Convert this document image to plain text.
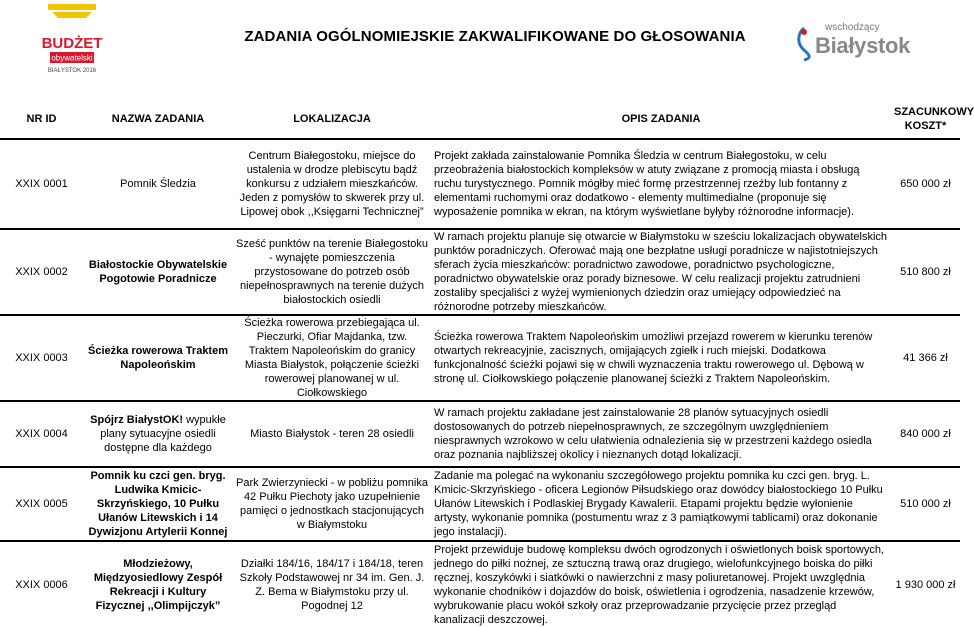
BUDŻET
obywatelski
BIAŁYSTOK 2016
ZADANIA OGÓLNOMIEJSKIE ZAKWALIFIKOWANE DO GŁOSOWANIA
wschodzący
Białystok
NR ID	NAZWA ZADANIA	LOKALIZACJA	OPIS ZADANIA	SZACUNKOWY
KOSZT*
XXIX 0001	Pomnik Śledzia	Centrum Białegostoku, miejsce do ustalenia w drodze plebiscytu bądź konkursu z udziałem mieszkańców. Jeden z pomysłów to skwerek przy ul. Lipowej obok ,,Księgarni Technicznej”	Projekt zakłada zainstalowanie Pomnika Śledzia w centrum Białegostoku, w celu przeobrażenia białostockich kompleksów w atuty związane z promocją miasta i obsługą ruchu turystycznego. Pomnik mógłby mieć formę przestrzennej rzeźby lub fontanny z elementami ruchomymi oraz dodatkowo - elementy multimedialne (proponuje się wyposażenie pomnika w ekran, na którym wyświetlane byłyby różnorodne informacje).	650 000 zł
XXIX 0002	Białostockie Obywatelskie Pogotowie Poradnicze	Sześć punktów na terenie Białegostoku - wynajęte pomieszczenia przystosowane do potrzeb osób niepełnosprawnych na terenie dużych białostockich osiedli	W ramach projektu planuje się otwarcie w Białymstoku w sześciu lokalizacjach obywatelskich punktów poradniczych. Oferować mają one bezpłatne usługi poradnicze w najistotniejszych sferach życia mieszkańców: poradnictwo zawodowe, poradnictwo psychologiczne, poradnictwo obywatelskie oraz porady biznesowe. W celu realizacji projektu zatrudnieni zostaliby specjaliści z wyżej wymienionych dziedzin oraz umiejący odpowiedzieć na różnorodne potrzeby mieszkańców.	510 800 zł
XXIX 0003	Ścieżka rowerowa Traktem Napoleońskim	Ścieżka rowerowa przebiegająca ul. Pieczurki, Ofiar Majdanka, tzw. Traktem Napoleońskim do granicy Miasta Białystok, połączenie ścieżki rowerowej planowanej w ul. Ciołkowskiego	Ścieżka rowerowa Traktem Napoleońskim umożliwi przejazd rowerem w kierunku terenów otwartych rekreacyjnie, zacisznych, omijających zgiełk i ruch miejski. Dodatkowa funkcjonalność ścieżki pojawi się w chwili wyznaczenia traktu rowerowego ul. Dębową w stronę ul. Ciołkowskiego połączenie planowanej ścieżki z Traktem Napoleońskim.	41 366 zł
XXIX 0004	Spójrz BiałystOK! wypukłe plany sytuacyjne osiedli dostępne dla każdego	Miasto Białystok - teren 28 osiedli	W ramach projektu zakładane jest zainstalowanie 28 planów sytuacyjnych osiedli dostosowanych do potrzeb niepełnosprawnych, ze szczególnym uwzględnieniem niesprawnych wzrokowo w celu ułatwienia odnalezienia się w przestrzeni każdego osiedla oraz poznania najbliższej okolicy i nieznanych dotąd lokalizacji.	840 000 zł
XXIX 0005	Pomnik ku czci gen. bryg. Ludwika Kmicic-Skrzyńskiego, 10 Pułku Ułanów Litewskich i 14 Dywizjonu Artylerii Konnej	Park Zwierzyniecki - w pobliżu pomnika 42 Pułku Piechoty jako uzupełnienie pamięci o jednostkach stacjonujących w Białymstoku	Zadanie ma polegać na wykonaniu szczegółowego projektu pomnika ku czci gen. bryg. L. Kmicic-Skrzyńskiego - oficera Legionów Piłsudskiego oraz dowódcy białostockiego 10 Pułku Ułanów Litewskich i Podlaskiej Brygady Kawalerii. Etapami projektu będzie wyłonienie artysty, wykonanie pomnika (postumentu wraz z 3 pamiątkowymi tablicami) oraz dokonanie jego instalacji).	510 000 zł
XXIX 0006	Młodzieżowy, Międzyosiedlowy Zespół Rekreacji i Kultury Fizycznej ,,Olimpijczyk”	Działki 184/16, 184/17 i 184/18, teren Szkoły Podstawowej nr 34 im. Gen. J. Z. Bema w Białymstoku przy ul. Pogodnej 12	Projekt przewiduje budowę kompleksu dwóch ogrodzonych i oświetlonych boisk sportowych, jednego do piłki nożnej, ze sztuczną trawą oraz drugiego, wielofunkcyjnego boiska do piłki ręcznej, koszykówki i siatkówki o nawierzchni z masy poliuretanowej. Projekt uwzględnia wykonanie chodników i dojazdów do boisk, oświetlenia i ogrodzenia, nasadzenie krzewów, wybrukowanie placu wokół szkoły oraz przeprowadzanie przycięcie przez przegląd kanalizacji deszczowej.	1 930 000 zł
